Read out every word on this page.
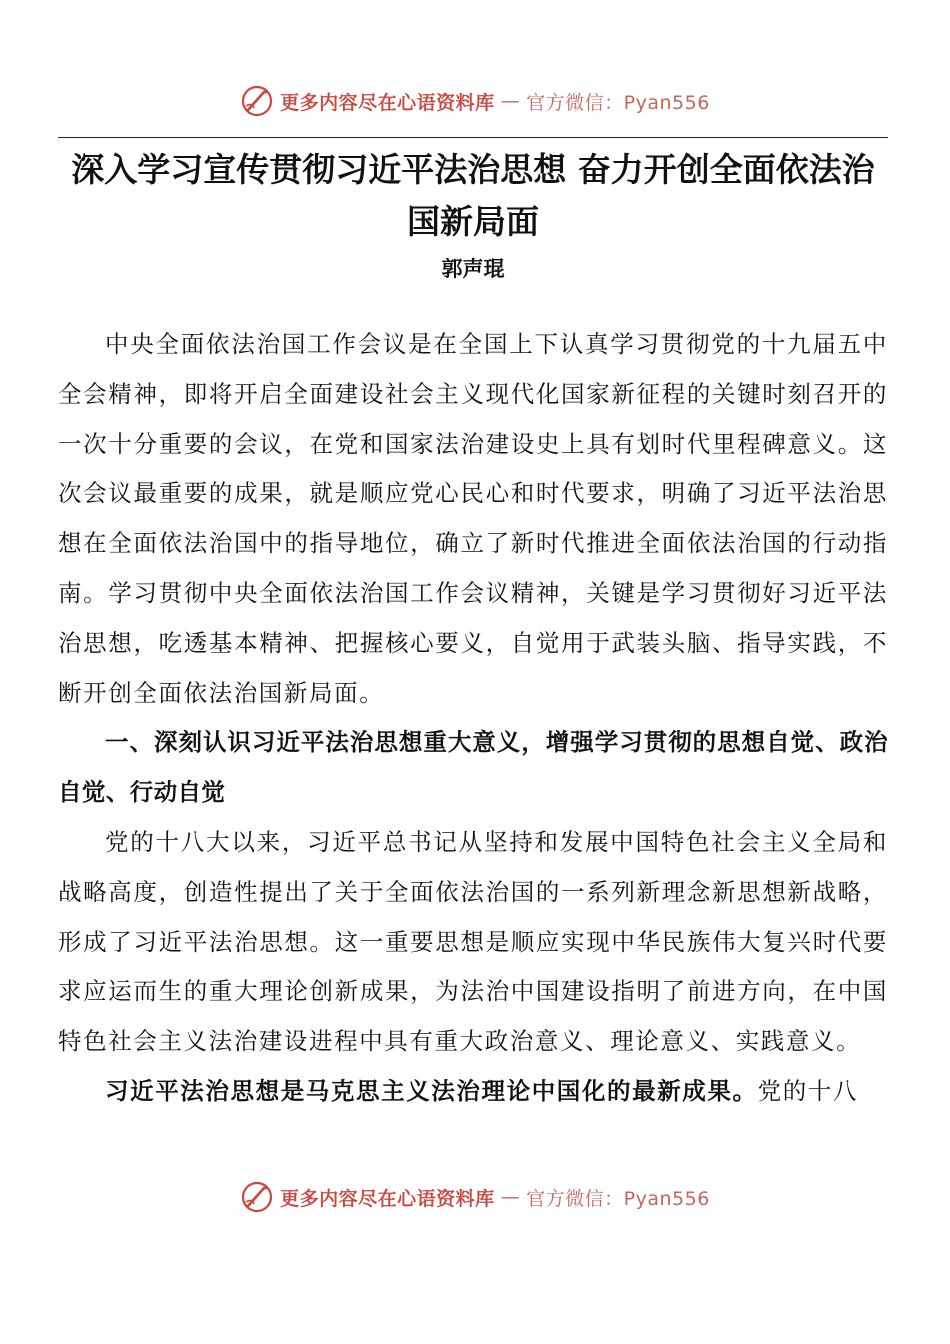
更多内容尽在心语资料库 — 官方微信：Pyan556
深入学习宣传贯彻习近平法治思想 奋力开创全面依法治国新局面
郭声琨

中央全面依法治国工作会议是在全国上下认真学习贯彻党的十九届五中全会精神，即将开启全面建设社会主义现代化国家新征程的关键时刻召开的一次十分重要的会议，在党和国家法治建设史上具有划时代里程碑意义。这次会议最重要的成果，就是顺应党心民心和时代要求，明确了习近平法治思想在全面依法治国中的指导地位，确立了新时代推进全面依法治国的行动指南。学习贯彻中央全面依法治国工作会议精神，关键是学习贯彻好习近平法治思想，吃透基本精神、把握核心要义，自觉用于武装头脑、指导实践，不断开创全面依法治国新局面。

一、深刻认识习近平法治思想重大意义，增强学习贯彻的思想自觉、政治自觉、行动自觉

党的十八大以来，习近平总书记从坚持和发展中国特色社会主义全局和战略高度，创造性提出了关于全面依法治国的一系列新理念新思想新战略，形成了习近平法治思想。这一重要思想是顺应实现中华民族伟大复兴时代要求应运而生的重大理论创新成果，为法治中国建设指明了前进方向，在中国特色社会主义法治建设进程中具有重大政治意义、理论意义、实践意义。

习近平法治思想是马克思主义法治理论中国化的最新成果。党的十八

更多内容尽在心语资料库 — 官方微信：Pyan556
